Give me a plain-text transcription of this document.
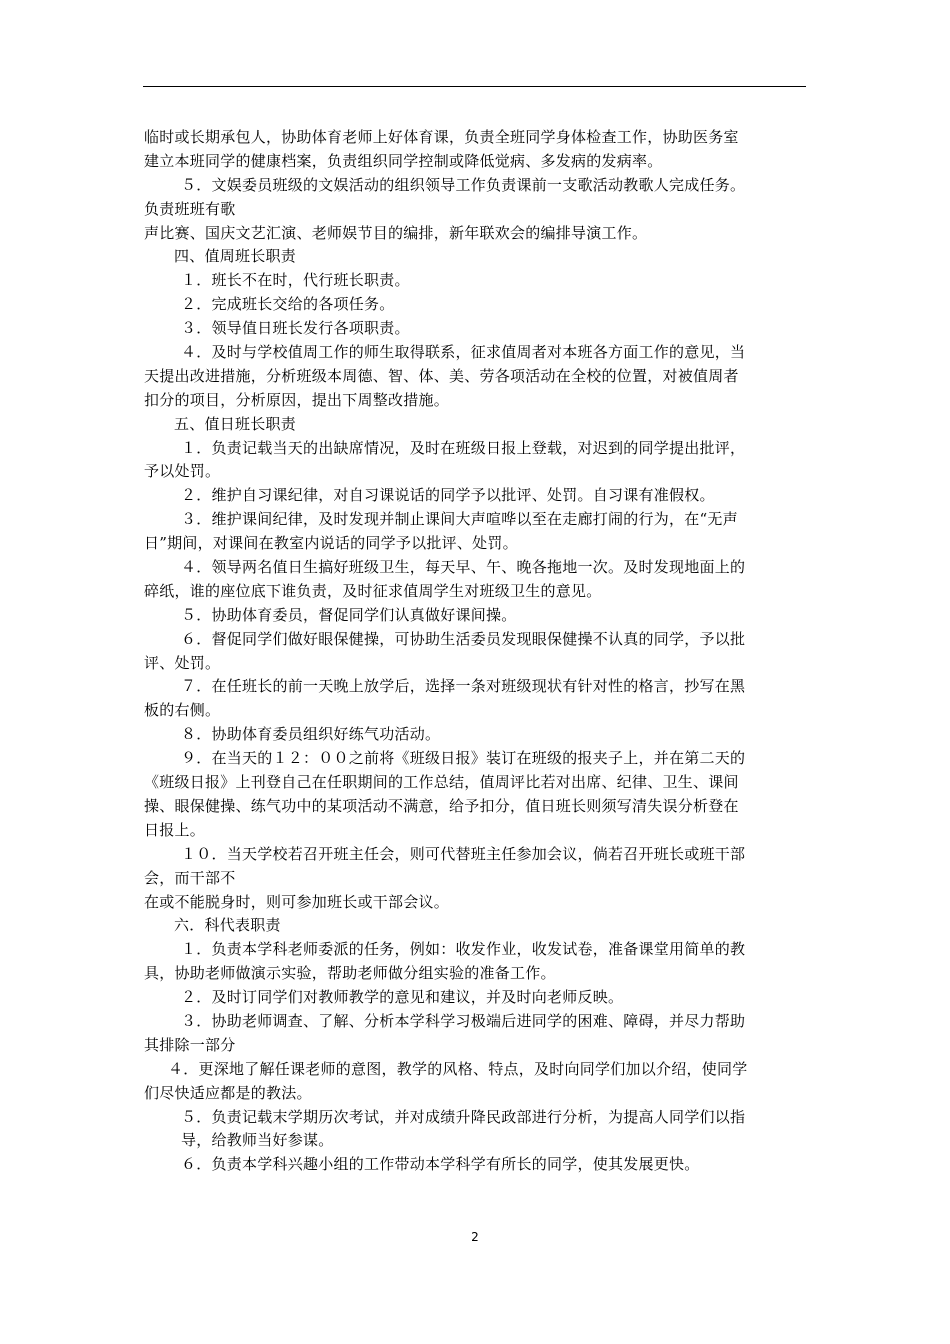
临时或长期承包人，协助体育老师上好体育课，负责全班同学身体检查工作，协助医务室
建立本班同学的健康档案，负责组织同学控制或降低觉病、多发病的发病率。
５．文娱委员班级的文娱活动的组织领导工作负责课前一支歌活动教歌人完成任务。
负责班班有歌
声比赛、国庆文艺汇演、老师娱节目的编排，新年联欢会的编排导演工作。
四、值周班长职责
１．班长不在时，代行班长职责。
２．完成班长交给的各项任务。
３．领导值日班长发行各项职责。
４．及时与学校值周工作的师生取得联系，征求值周者对本班各方面工作的意见，当
天提出改进措施，分析班级本周德、智、体、美、劳各项活动在全校的位置，对被值周者
扣分的项目，分析原因，提出下周整改措施。
五、值日班长职责
１．负责记载当天的出缺席情况，及时在班级日报上登载，对迟到的同学提出批评，
予以处罚。
２．维护自习课纪律，对自习课说话的同学予以批评、处罚。自习课有准假权。
３．维护课间纪律，及时发现并制止课间大声喧哗以至在走廊打闹的行为，在“无声
日”期间，对课间在教室内说话的同学予以批评、处罚。
４．领导两名值日生搞好班级卫生，每天早、午、晚各拖地一次。及时发现地面上的
碎纸，谁的座位底下谁负责，及时征求值周学生对班级卫生的意见。
５．协助体育委员，督促同学们认真做好课间操。
６．督促同学们做好眼保健操，可协助生活委员发现眼保健操不认真的同学，予以批
评、处罚。
７．在任班长的前一天晚上放学后，选择一条对班级现状有针对性的格言，抄写在黑
板的右侧。
８．协助体育委员组织好练气功活动。
９．在当天的１２：００之前将《班级日报》装订在班级的报夹子上，并在第二天的
《班级日报》上刊登自己在任职期间的工作总结，值周评比若对出席、纪律、卫生、课间
操、眼保健操、练气功中的某项活动不满意，给予扣分，值日班长则须写清失误分析登在
日报上。
１０．当天学校若召开班主任会，则可代替班主任参加会议，倘若召开班长或班干部
会，而干部不
在或不能脱身时，则可参加班长或干部会议。
六．科代表职责
１．负责本学科老师委派的任务，例如：收发作业，收发试卷，准备课堂用简单的教
具，协助老师做演示实验，帮助老师做分组实验的准备工作。
２．及时订同学们对教师教学的意见和建议，并及时向老师反映。
３．协助老师调查、了解、分析本学科学习极端后进同学的困难、障碍，并尽力帮助
其排除一部分
４．更深地了解任课老师的意图，教学的风格、特点，及时向同学们加以介绍，使同学
们尽快适应都是的教法。
５．负责记载末学期历次考试，并对成绩升降民政部进行分析，为提高人同学们以指
导，给教师当好参谋。
６．负责本学科兴趣小组的工作带动本学科学有所长的同学，使其发展更快。
2
